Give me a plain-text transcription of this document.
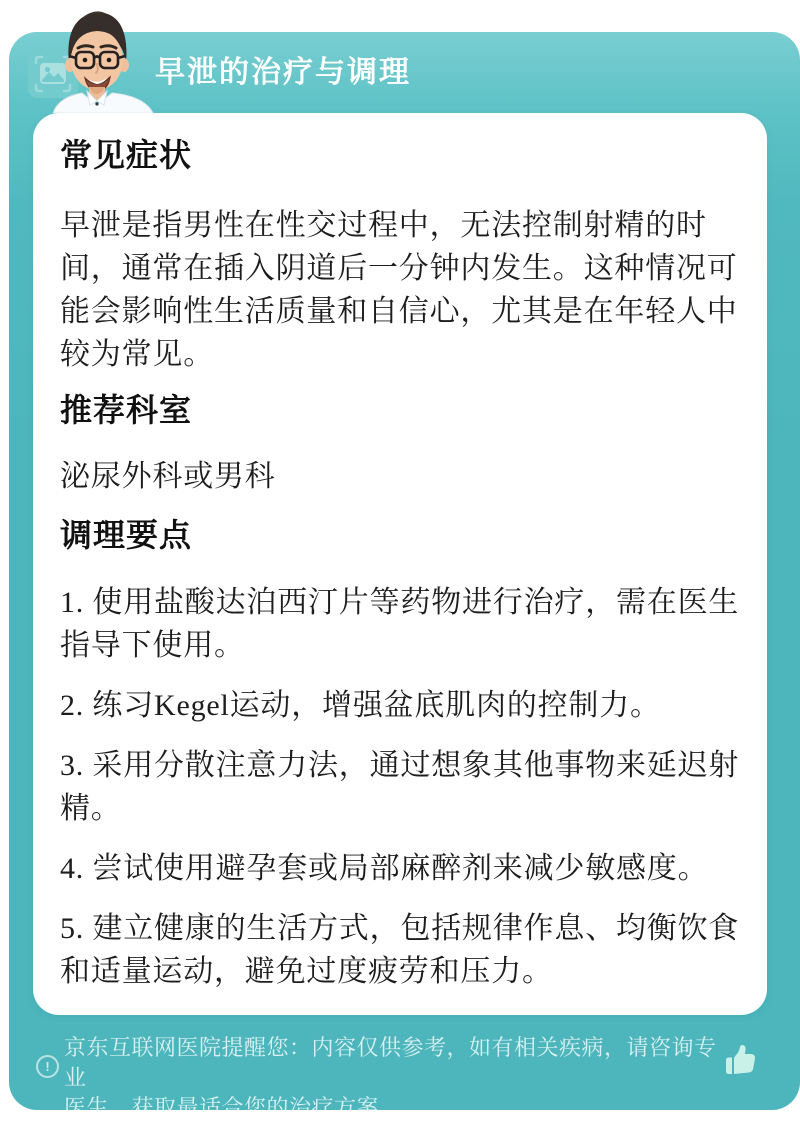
早泄的治疗与调理
常见症状

早泄是指男性在性交过程中，无法控制射精的时间，通常在插入阴道后一分钟内发生。这种情况可能会影响性生活质量和自信心，尤其是在年轻人中较为常见。

推荐科室

泌尿外科或男科

调理要点

1. 使用盐酸达泊西汀片等药物进行治疗，需在医生指导下使用。

2. 练习Kegel运动，增强盆底肌肉的控制力。

3. 采用分散注意力法，通过想象其他事物来延迟射精。

4. 尝试使用避孕套或局部麻醉剂来减少敏感度。

5. 建立健康的生活方式，包括规律作息、均衡饮食和适量运动，避免过度疲劳和压力。

!

京东互联网医院提醒您：内容仅供参考，如有相关疾病，请咨询专业
医生，获取最适合您的治疗方案
